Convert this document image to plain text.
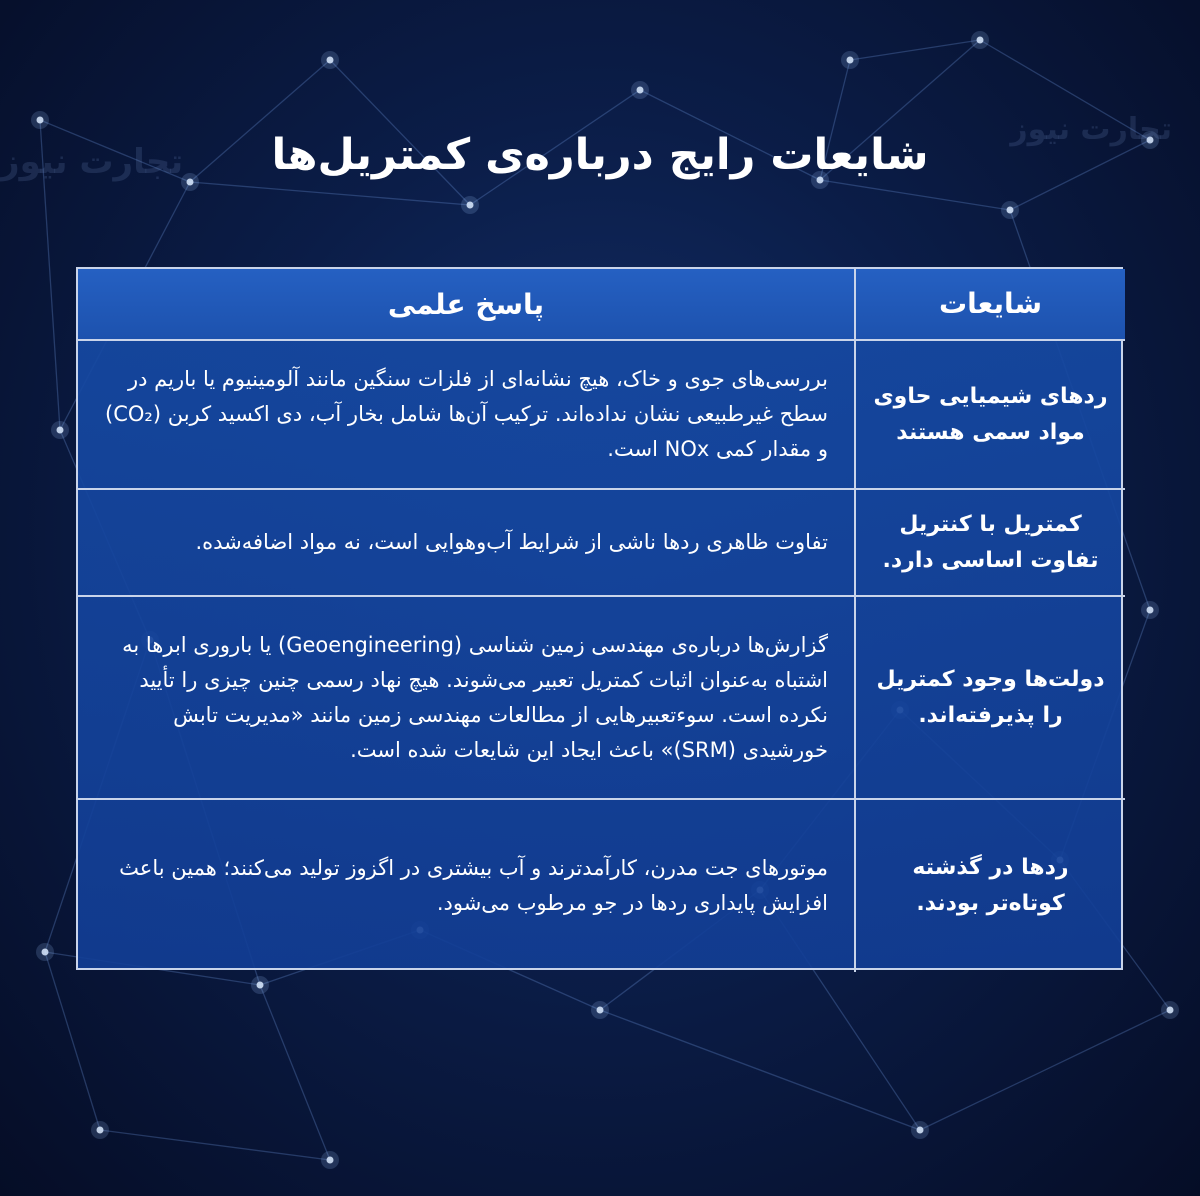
تجارت نیوز
تجارت نیوز
شایعات رایج درباره‌ی کمتریل‌ها
پاسخ علمی	شایعات
بررسی‌های جوی و خاک، هیچ نشانه‌ای از فلزات سنگین مانند آلومینیوم یا باریم در سطح غیرطبیعی نشان نداده‌اند. ترکیب آن‌ها شامل بخار آب، دی اکسید کربن (CO₂) و مقدار کمی NOx است.
ردهای شیمیایی حاوی مواد سمی هستند
تفاوت ظاهری ردها ناشی از شرایط آب‌وهوایی است، نه مواد اضافه‌شده.
کمتریل با کنتریل تفاوت اساسی دارد.
گزارش‌ها درباره‌ی مهندسی زمین شناسی (Geoengineering) یا باروری ابرها به اشتباه به‌عنوان اثبات کمتریل تعبیر می‌شوند. هیچ نهاد رسمی چنین چیزی را تأیید نکرده است. سوءتعبیرهایی از مطالعات مهندسی زمین مانند «مدیریت تابش خورشیدی (SRM)» باعث ایجاد این شایعات شده است.
دولت‌ها وجود کمتریل را پذیرفته‌اند.
موتورهای جت مدرن، کارآمدترند و آب بیشتری در اگزوز تولید می‌کنند؛ همین باعث افزایش پایداری ردها در جو مرطوب می‌شود.
ردها در گذشته کوتاه‌تر بودند.
